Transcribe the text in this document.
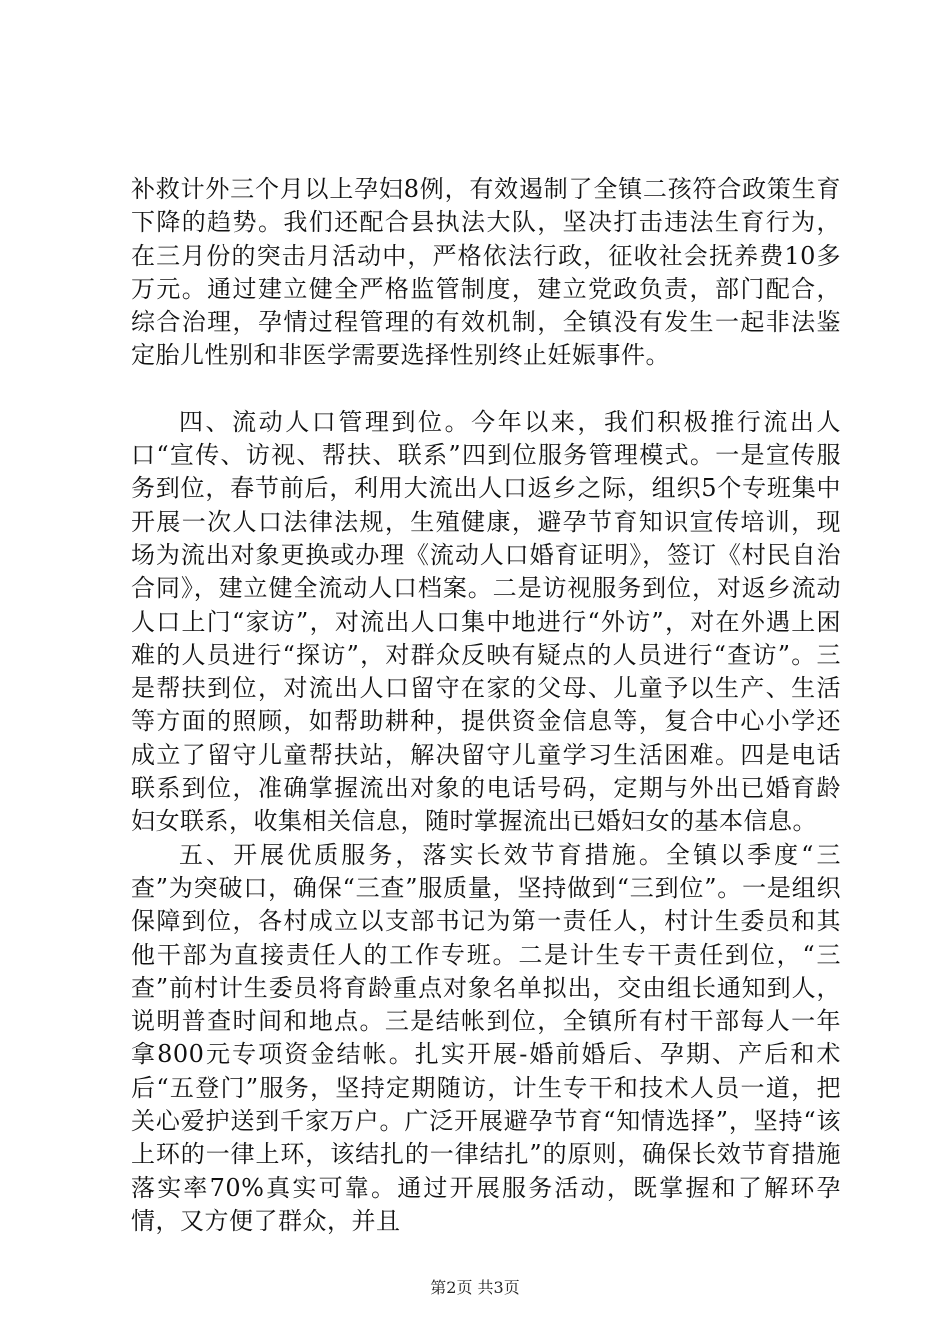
补救计外三个月以上孕妇8例，有效遏制了全镇二孩符合政策生育下降的趋势。我们还配合县执法大队，坚决打击违法生育行为，在三月份的突击月活动中，严格依法行政，征收社会抚养费10多万元。通过建立健全严格监管制度，建立党政负责，部门配合，综合治理，孕情过程管理的有效机制，全镇没有发生一起非法鉴定胎儿性别和非医学需要选择性别终止妊娠事件。

四、流动人口管理到位。今年以来，我们积极推行流出人口“宣传、访视、帮扶、联系”四到位服务管理模式。一是宣传服务到位，春节前后，利用大流出人口返乡之际，组织5个专班集中开展一次人口法律法规，生殖健康，避孕节育知识宣传培训，现场为流出对象更换或办理《流动人口婚育证明》，签订《村民自治合同》，建立健全流动人口档案。二是访视服务到位，对返乡流动人口上门“家访”，对流出人口集中地进行“外访”，对在外遇上困难的人员进行“探访”，对群众反映有疑点的人员进行“查访”。三是帮扶到位，对流出人口留守在家的父母、儿童予以生产、生活等方面的照顾，如帮助耕种，提供资金信息等，复合中心小学还成立了留守儿童帮扶站，解决留守儿童学习生活困难。四是电话联系到位，准确掌握流出对象的电话号码，定期与外出已婚育龄妇女联系，收集相关信息，随时掌握流出已婚妇女的基本信息。

五、开展优质服务，落实长效节育措施。全镇以季度“三查”为突破口，确保“三查”服质量，坚持做到“三到位”。一是组织保障到位，各村成立以支部书记为第一责任人，村计生委员和其他干部为直接责任人的工作专班。二是计生专干责任到位，“三查”前村计生委员将育龄重点对象名单拟出，交由组长通知到人，说明普查时间和地点。三是结帐到位，全镇所有村干部每人一年拿800元专项资金结帐。扎实开展-婚前婚后、孕期、产后和术后“五登门”服务，坚持定期随访，计生专干和技术人员一道，把关心爱护送到千家万户。广泛开展避孕节育“知情选择”，坚持“该上环的一律上环，该结扎的一律结扎”的原则，确保长效节育措施落实率70%真实可靠。通过开展服务活动，既掌握和了解环孕情，又方便了群众，并且

第2页 共3页
